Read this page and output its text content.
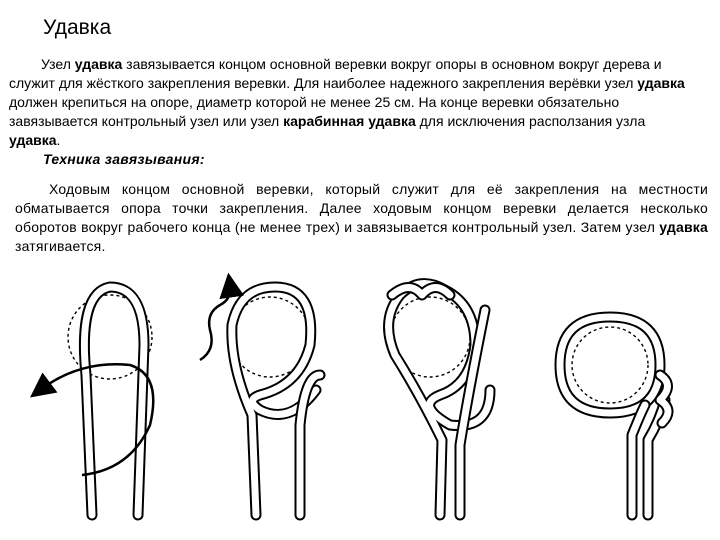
Удавка

Узел удавка завязывается концом основной веревки вокруг опоры в основном вокруг дерева и служит для жёсткого закрепления веревки. Для наиболее надежного закрепления верёвки узел удавка должен крепиться на опоре, диаметр которой не менее 25 см. На конце веревки обязательно завязывается контрольный узел или узел карабинная удавка для исключения расползания узла удавка.

Техника завязывания:

Ходовым концом основной веревки, который служит для её закрепления на местности обматывается опора точки закрепления. Далее ходовым концом веревки делается несколько оборотов вокруг рабочего конца (не менее трех) и завязывается контрольный узел. Затем узел удавка затягивается.
